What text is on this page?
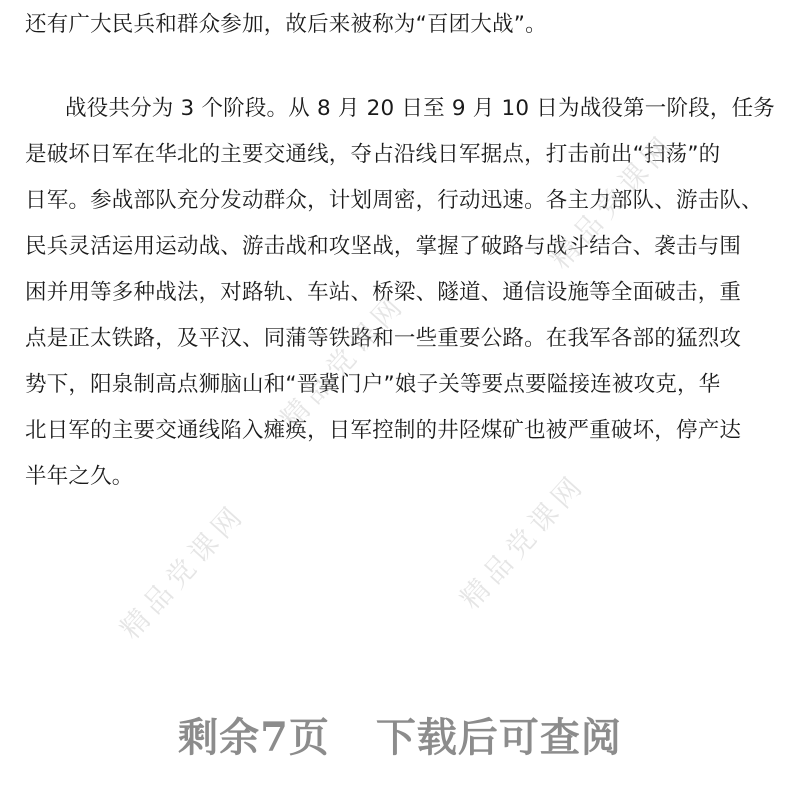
还有广大民兵和群众参加，故后来被称为“百团大战”。
战役共分为 3 个阶段。从 8 月 20 日至 9 月 10 日为战役第一阶段，任务
是破坏日军在华北的主要交通线，夺占沿线日军据点，打击前出“扫荡”的
日军。参战部队充分发动群众，计划周密，行动迅速。各主力部队、游击队、
民兵灵活运用运动战、游击战和攻坚战，掌握了破路与战斗结合、袭击与围
困并用等多种战法，对路轨、车站、桥梁、隧道、通信设施等全面破击，重
点是正太铁路，及平汉、同蒲等铁路和一些重要公路。在我军各部的猛烈攻
势下，阳泉制高点狮脑山和“晋冀门户”娘子关等要点要隘接连被攻克，华
北日军的主要交通线陷入瘫痪，日军控制的井陉煤矿也被严重破坏，停产达
半年之久。
精品党课网
精品党课网
精品党课网
精品党课网
剩余7页 下载后可查阅
